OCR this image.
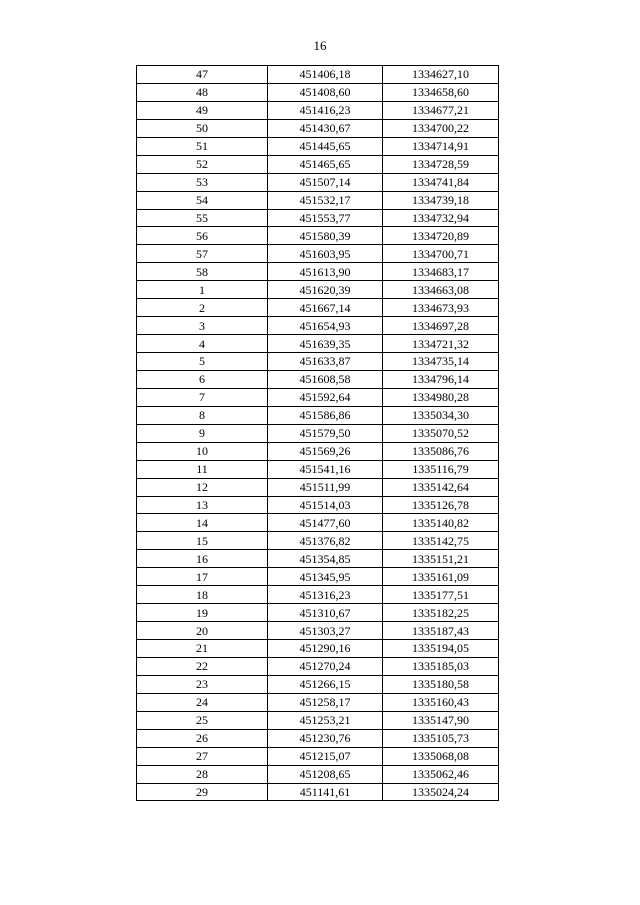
16
47	451406,18	1334627,10
48	451408,60	1334658,60
49	451416,23	1334677,21
50	451430,67	1334700,22
51	451445,65	1334714,91
52	451465,65	1334728,59
53	451507,14	1334741,84
54	451532,17	1334739,18
55	451553,77	1334732,94
56	451580,39	1334720,89
57	451603,95	1334700,71
58	451613,90	1334683,17
1	451620,39	1334663,08
2	451667,14	1334673,93
3	451654,93	1334697,28
4	451639,35	1334721,32
5	451633,87	1334735,14
6	451608,58	1334796,14
7	451592,64	1334980,28
8	451586,86	1335034,30
9	451579,50	1335070,52
10	451569,26	1335086,76
11	451541,16	1335116,79
12	451511,99	1335142,64
13	451514,03	1335126,78
14	451477,60	1335140,82
15	451376,82	1335142,75
16	451354,85	1335151,21
17	451345,95	1335161,09
18	451316,23	1335177,51
19	451310,67	1335182,25
20	451303,27	1335187,43
21	451290,16	1335194,05
22	451270,24	1335185,03
23	451266,15	1335180,58
24	451258,17	1335160,43
25	451253,21	1335147,90
26	451230,76	1335105,73
27	451215,07	1335068,08
28	451208,65	1335062,46
29	451141,61	1335024,24
